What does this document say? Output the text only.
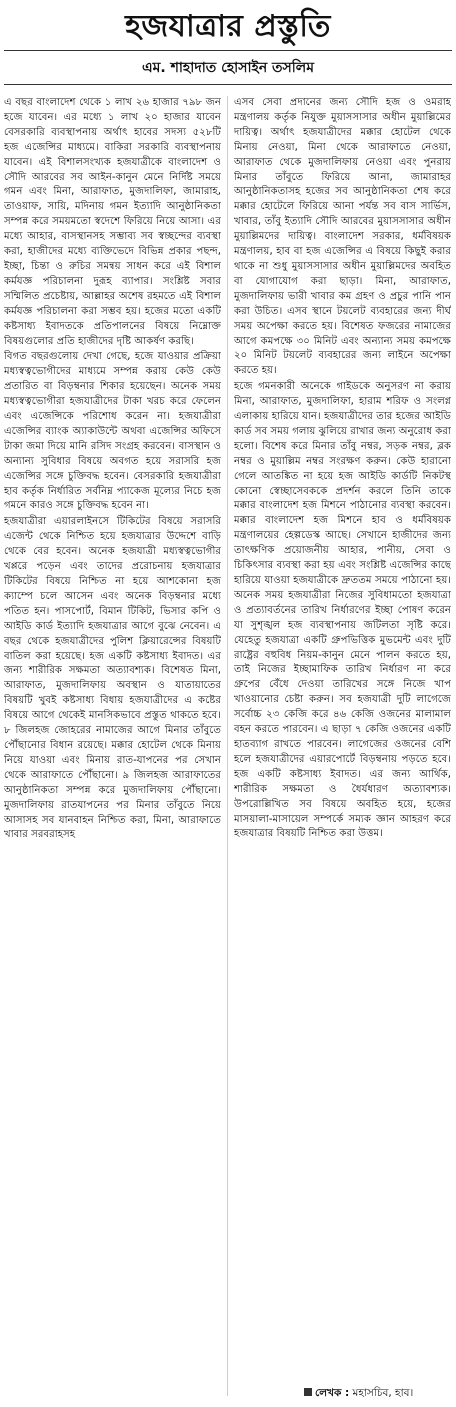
হজযাত্রার প্রস্তুতি
এম. শাহাদাত হোসাইন তসলিম

এ বছর বাংলাদেশ থেকে ১ লাখ ২৬ হাজার ৭৯৮ জন হজে যাবেন। এর মধ্যে ১ লাখ ২০ হাজার যাবেন বেসরকারি ব্যবস্থাপনায় অর্থাৎ হাবের সদস্য ৫২৮টি হজ এজেন্সির মাধ্যমে। বাকিরা সরকারি ব্যবস্থাপনায় যাবেন। এই বিশালসংখ্যক হজযাত্রীকে বাংলাদেশ ও সৌদি আরবের সব আইন-কানুন মেনে নির্দিষ্ট সময়ে গমন এবং মিনা, আরাফাত, মুজদালিফা, জামারাহ, তাওয়াফ, সায়ি, মদিনায় গমন ইত্যাদি আনুষ্ঠানিকতা সম্পন্ন করে সময়মতো স্বদেশে ফিরিয়ে নিয়ে আসা। এর মধ্যে আহার, বাসস্থানসহ সম্ভাব্য সব স্বচ্ছন্দের ব্যবস্থা করা, হাজীদের মধ্যে ব্যক্তিভেদে বিভিন্ন প্রকার পছন্দ, ইচ্ছা, চিন্তা ও রুচির সমন্বয় সাধন করে এই বিশাল কর্মযজ্ঞ পরিচালনা দুরূহ ব্যাপার। সংশ্লিষ্ট সবার সম্মিলিত প্রচেষ্টায়, আল্লাহর অশেষ রহমতে এই বিশাল কর্মযজ্ঞ পরিচালনা করা সম্ভব হয়। হজের মতো একটি কষ্টসাধ্য ইবাদতকে প্রতিপালনের বিষয়ে নিম্নোক্ত বিষয়গুলোর প্রতি হাজীদের দৃষ্টি আকর্ষণ করছি।

বিগত বছরগুলোয় দেখা গেছে, হজে যাওয়ার প্রক্রিয়া মধ্যস্বত্বভোগীদের মাধ্যমে সম্পন্ন করায় কেউ কেউ প্রতারিত বা বিড়ম্বনার শিকার হয়েছেন। অনেক সময় মধ্যস্বত্বভোগীরা হজযাত্রীদের টাকা খরচ করে ফেলেন এবং এজেন্সিকে পরিশোধ করেন না। হজযাত্রীরা এজেন্সির ব্যাংক অ্যাকাউন্টে অথবা এজেন্সির অফিসে টাকা জমা দিয়ে মানি রসিদ সংগ্রহ করবেন। বাসস্থান ও অন্যান্য সুবিধার বিষয়ে অবগত হয়ে সরাসরি হজ এজেন্সির সঙ্গে চুক্তিবদ্ধ হবেন। বেসরকারি হজযাত্রীরা হাব কর্তৃক নির্ধারিত সর্বনিম্ন প্যাকেজ মূল্যের নিচে হজ গমনে কারও সঙ্গে চুক্তিবদ্ধ হবেন না।

হজযাত্রীরা এয়ারলাইনসে টিকিটের বিষয়ে সরাসরি এজেন্ট থেকে নিশ্চিত হয়ে হজযাত্রার উদ্দেশে বাড়ি থেকে বের হবেন। অনেক হজযাত্রী মধ্যস্বত্বভোগীর খপ্পরে পড়েন এবং তাদের প্ররোচনায় হজযাত্রার টিকিটের বিষয়ে নিশ্চিত না হয়ে আশকোনা হজ ক্যাম্পে চলে আসেন এবং অনেক বিড়ম্বনার মধ্যে পতিত হন। পাসপোর্ট, বিমান টিকিট, ভিসার কপি ও আইডি কার্ড ইত্যাদি হজযাত্রার আগে বুঝে নেবেন। এ বছর থেকে হজযাত্রীদের পুলিশ ক্লিয়ারেন্সের বিষয়টি বাতিল করা হয়েছে। হজ একটি কষ্টসাধ্য ইবাদত। এর জন্য শারীরিক সক্ষমতা অত্যাবশ্যক। বিশেষত মিনা, আরাফাত, মুজদালিফায় অবস্থান ও যাতায়াতের বিষয়টি খুবই কষ্টসাধ্য বিধায় হজযাত্রীদের এ কষ্টের বিষয়ে আগে থেকেই মানসিকভাবে প্রস্তুত থাকতে হবে। ৮ জিলহজ জোহরের নামাজের আগে মিনার তাঁবুতে পৌঁছানোর বিধান রয়েছে। মক্কার হোটেল থেকে মিনায় নিয়ে যাওয়া এবং মিনায় রাত-যাপনের পর সেখান থেকে আরাফাতে পৌঁছানো। ৯ জিলহজ আরাফাতের আনুষ্ঠানিকতা সম্পন্ন করে মুজদালিফায় পৌঁছানো। মুজদালিফায় রাতযাপনের পর মিনার তাঁবুতে নিয়ে আসাসহ সব যানবাহন নিশ্চিত করা, মিনা, আরাফাতে খাবার সরবরাহসহ

এসব সেবা প্রদানের জন্য সৌদি হজ ও ওমরাহ মন্ত্রণালয় কর্তৃক নিযুক্ত মুয়াসসাসার অধীন মুয়াল্লিমের দায়িত্ব। অর্থাৎ হজযাত্রীদের মক্কার হোটেল থেকে মিনায় নেওয়া, মিনা থেকে আরাফাতে নেওয়া, আরাফাত থেকে মুজদালিফায় নেওয়া এবং পুনরায় মিনার তাঁবুতে ফিরিয়ে আনা, জামারাহর আনুষ্ঠানিকতাসহ হজের সব আনুষ্ঠানিকতা শেষ করে মক্কার হোটেলে ফিরিয়ে আনা পর্যন্ত সব বাস সার্ভিস, খাবার, তাঁবু ইত্যাদি সৌদি আরবের মুয়াসসাসার অধীন মুয়াল্লিমদের দায়িত্ব। বাংলাদেশ সরকার, ধর্মবিষয়ক মন্ত্রণালয়, হাব বা হজ এজেন্সির এ বিষয়ে কিছুই করার থাকে না শুধু মুয়াসসাসার অধীন মুয়াল্লিমদের অবহিত বা যোগাযোগ করা ছাড়া। মিনা, আরাফাত, মুজদালিফায় ভারী খাবার কম গ্রহণ ও প্রচুর পানি পান করা উচিত। এসব স্থানে টয়লেট ব্যবহারের জন্য দীর্ঘ সময় অপেক্ষা করতে হয়। বিশেষত ফজরের নামাজের আগে কমপক্ষে ৩০ মিনিট এবং অন্যান্য সময় কমপক্ষে ২০ মিনিট টয়লেট ব্যবহারের জন্য লাইনে অপেক্ষা করতে হয়।

হজে গমনকারী অনেকে গাইডকে অনুসরণ না করায় মিনা, আরাফাত, মুজদালিফা, হারাম শরিফ ও সংলগ্ন এলাকায় হারিয়ে যান। হজযাত্রীদের তার হজের আইডি কার্ড সব সময় গলায় ঝুলিয়ে রাখার জন্য অনুরোধ করা হলো। বিশেষ করে মিনার তাঁবু নম্বর, সড়ক নম্বর, ব্লক নম্বর ও মুয়াল্লিম নম্বর সংরক্ষণ করুন। কেউ হারানো গেলে আতঙ্কিত না হয়ে হজ আইডি কার্ডটি নিকটস্থ কোনো স্বেচ্ছাসেবককে প্রদর্শন করলে তিনি তাকে মক্কার বাংলাদেশ হজ মিশনে পাঠানোর ব্যবস্থা করবেন। মক্কার বাংলাদেশ হজ মিশনে হাব ও ধর্মবিষয়ক মন্ত্রণালয়ের হেল্পডেস্ক আছে। সেখানে হাজীদের জন্য তাৎক্ষণিক প্রয়োজনীয় আহার, পানীয়, সেবা ও চিকিৎসার ব্যবস্থা করা হয় এবং সংশ্লিষ্ট এজেন্সির কাছে হারিয়ে যাওয়া হজযাত্রীকে দ্রুততম সময়ে পাঠানো হয়। অনেক সময় হজযাত্রীরা নিজের সুবিধামতো হজযাত্রা ও প্রত্যাবর্তনের তারিখ নির্ধারণের ইচ্ছা পোষণ করেন যা সুশৃঙ্খল হজ ব্যবস্থাপনায় জটিলতা সৃষ্টি করে। যেহেতু হজযাত্রা একটি গ্রুপভিত্তিক মুভমেন্ট এবং দুটি রাষ্ট্রের বহুবিধ নিয়ম-কানুন মেনে পালন করতে হয়, তাই নিজের ইচ্ছামাফিক তারিখ নির্ধারণ না করে গ্রুপের বেঁধে দেওয়া তারিখের সঙ্গে নিজে খাপ খাওয়ানোর চেষ্টা করুন। সব হজযাত্রী দুটি লাগেজে সর্বোচ্চ ২৩ কেজি করে ৪৬ কেজি ওজনের মালামাল বহন করতে পারবেন। এ ছাড়া ৭ কেজি ওজনের একটি হাতব্যাগ রাখতে পারবেন। লাগেজের ওজনের বেশি হলে হজযাত্রীদের এয়ারপোর্টে বিড়ম্বনায় পড়তে হবে। হজ একটি কষ্টসাধ্য ইবাদত। এর জন্য আর্থিক, শারীরিক সক্ষমতা ও ধৈর্যধারণ অত্যাবশ্যক। উপরোল্লিখিত সব বিষয়ে অবহিত হয়ে, হজের মাসয়ালা-মাসায়েল সম্পর্কে সম্যক জ্ঞান আহরণ করে হজযাত্রার বিষয়টি নিশ্চিত করা উত্তম।

লেখক : মহাসচিব, হাব।
